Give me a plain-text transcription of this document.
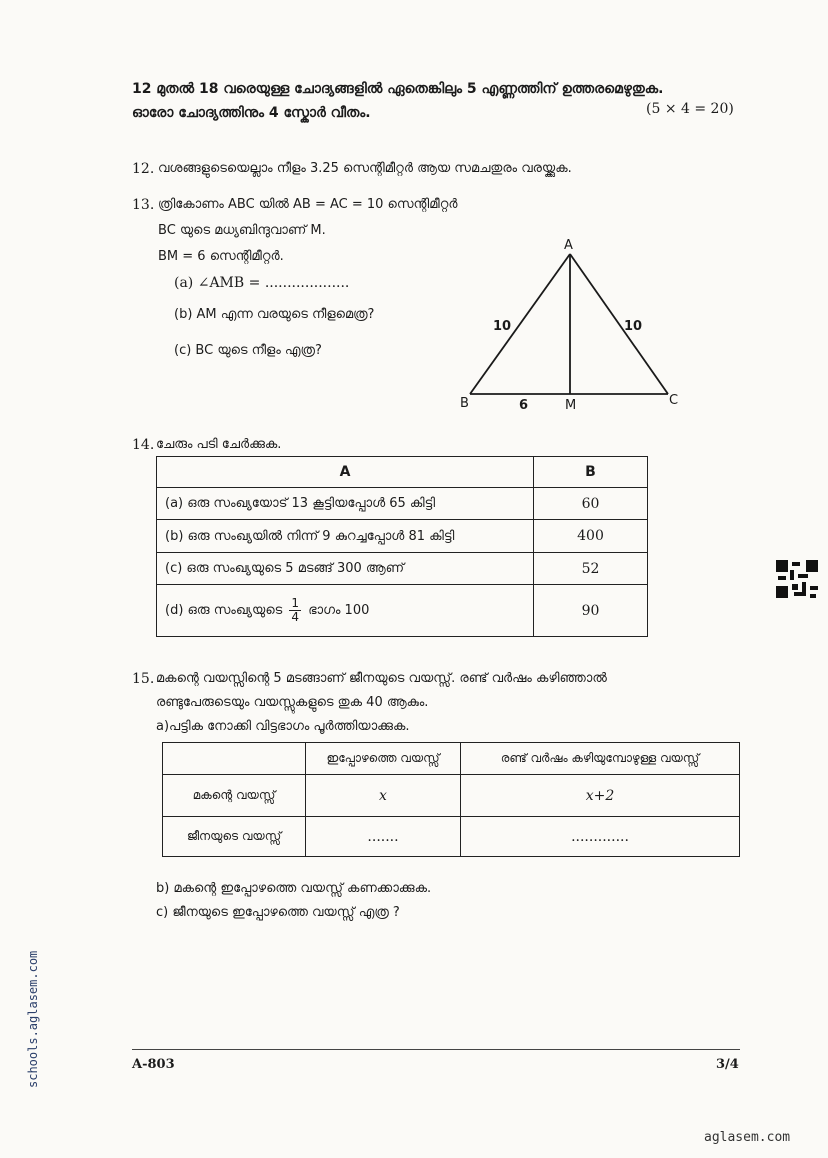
12 മുതൽ 18 വരെയുള്ള ചോദ്യങ്ങളിൽ ഏതെങ്കിലും 5 എണ്ണത്തിന് ഉത്തരമെഴുതുക.
ഓരോ ചോദ്യത്തിനും 4 സ്കോർ വീതം.	(5 × 4 = 20)
12. വശങ്ങളുടെയെല്ലാം നീളം 3.25 സെന്റിമീറ്റർ ആയ സമചതുരം വരയ്ക്കുക.
13. ത്രികോണം ABC യിൽ AB = AC = 10 സെന്റിമീറ്റർ
BC യുടെ മധ്യബിന്ദുവാണ് M.
BM = 6 സെന്റിമീറ്റർ.
(a) ∠AMB = ...................
(b) AM എന്ന വരയുടെ നീളമെത്ര?
(c) BC യുടെ നീളം എത്ര?
A
B	C
M
10	10
6
14. ചേരും പടി ചേർക്കുക.
A	B
(a) ഒരു സംഖ്യയോട് 13 കൂട്ടിയപ്പോൾ 65 കിട്ടി	60
(b) ഒരു സംഖ്യയിൽ നിന്ന് 9 കുറച്ചപ്പോൾ 81 കിട്ടി	400
(c) ഒരു സംഖ്യയുടെ 5 മടങ്ങ് 300 ആണ്	52
(d) ഒരു സംഖ്യയുടെ $\frac{1}{4}$ ഭാഗം 100	90
15. മകന്റെ വയസ്സിന്റെ 5 മടങ്ങാണ് ജീനയുടെ വയസ്സ്. രണ്ട് വർഷം കഴിഞ്ഞാൽ
രണ്ടുപേരുടെയും വയസ്സുകളുടെ തുക 40 ആകും.
a)പട്ടിക നോക്കി വിട്ടഭാഗം പൂർത്തിയാക്കുക.
	ഇപ്പോഴത്തെ വയസ്സ്	രണ്ട് വർഷം കഴിയുമ്പോഴുള്ള വയസ്സ്
മകന്റെ വയസ്സ്	x	x+2
ജീനയുടെ വയസ്സ്	.......	.............
b) മകന്റെ ഇപ്പോഴത്തെ വയസ്സ് കണക്കാക്കുക.
c) ജീനയുടെ ഇപ്പോഴത്തെ വയസ്സ് എത്ര ?
A-803	3/4
schools.aglasem.com
aglasem.com
